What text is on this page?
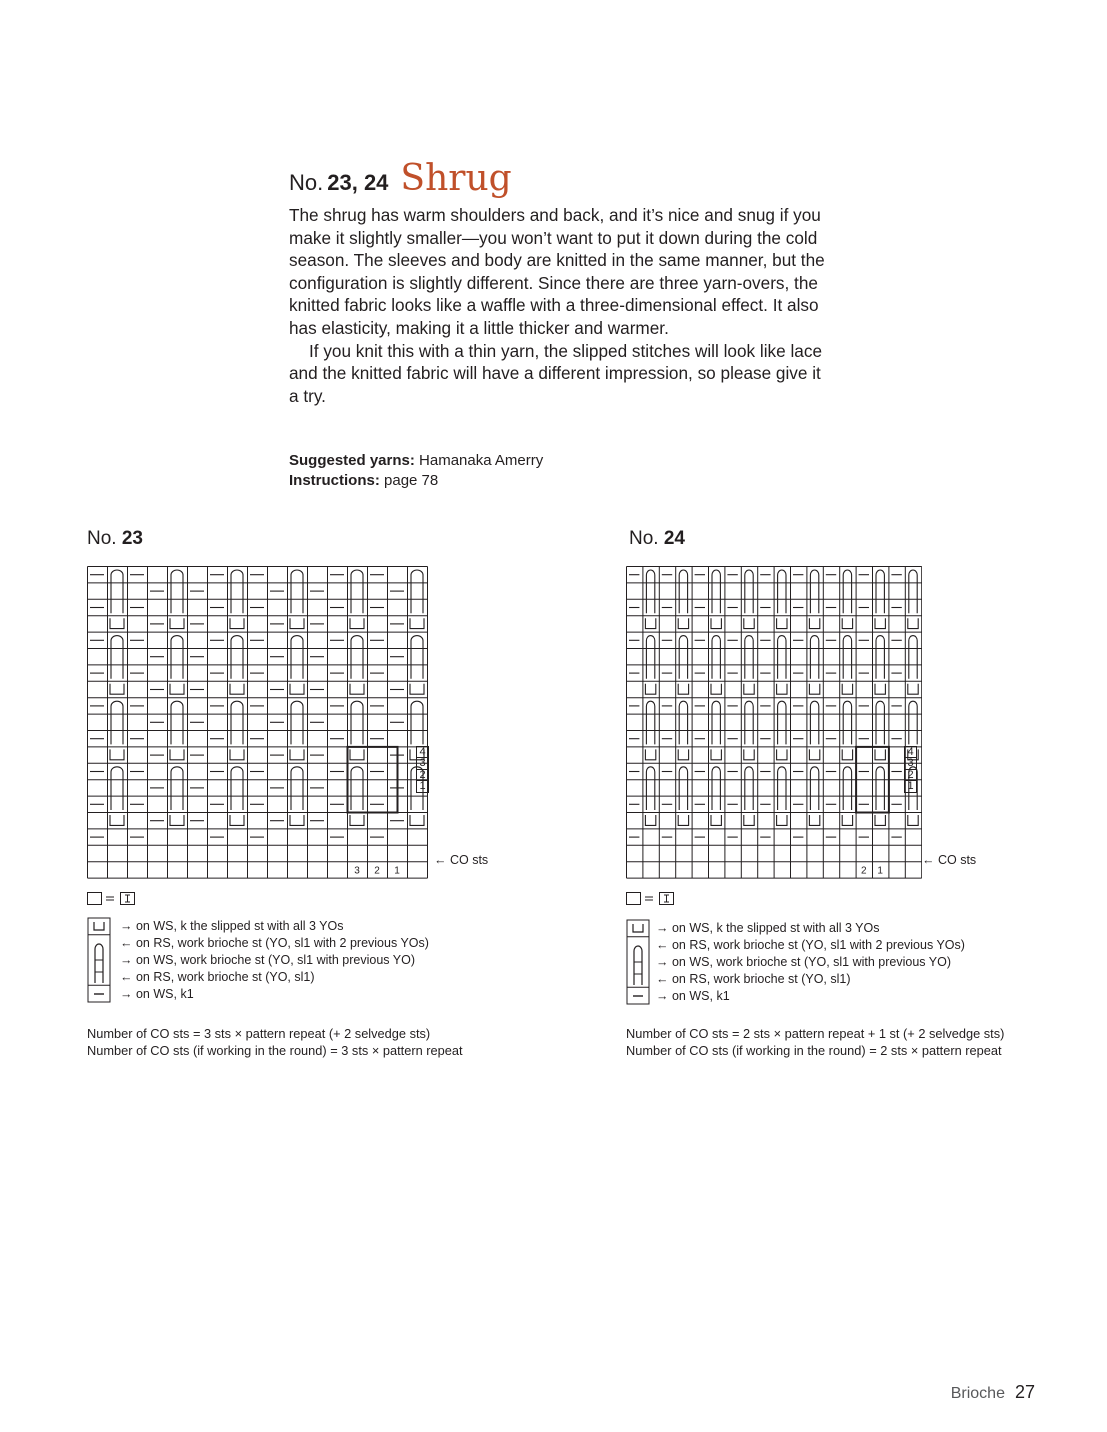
No. 23, 24 Shrug

The shrug has warm shoulders and back, and it’s nice and snug if you make it slightly smaller—you won’t want to put it down during the cold season. The sleeves and body are knitted in the same manner, but the configuration is slightly different. Since there are three yarn-overs, the knitted fabric looks like a waffle with a three-dimensional effect. It also has elasticity, making it a little thicker and warmer.

If you knit this with a thin yarn, the slipped stitches will look like lace and the knitted fabric will have a different impression, so please give it a try.

Suggested yarns: Hamanaka Amerry
Instructions: page 78
No. 23	No. 24
3 2 1
4
3
2
1
← CO sts
2 1
4
3
2
1
← CO sts
→ on WS, k the slipped st with all 3 YOs
← on RS, work brioche st (YO, sl1 with 2 previous YOs)
→ on WS, work brioche st (YO, sl1 with previous YO)
← on RS, work brioche st (YO, sl1)
→ on WS, k1
→ on WS, k the slipped st with all 3 YOs
← on RS, work brioche st (YO, sl1 with 2 previous YOs)
→ on WS, work brioche st (YO, sl1 with previous YO)
← on RS, work brioche st (YO, sl1)
→ on WS, k1
Number of CO sts = 3 sts × pattern repeat (+ 2 selvedge sts)
Number of CO sts (if working in the round) = 3 sts × pattern repeat
Number of CO sts = 2 sts × pattern repeat + 1 st (+ 2 selvedge sts)
Number of CO sts (if working in the round) = 2 sts × pattern repeat
Brioche 27
